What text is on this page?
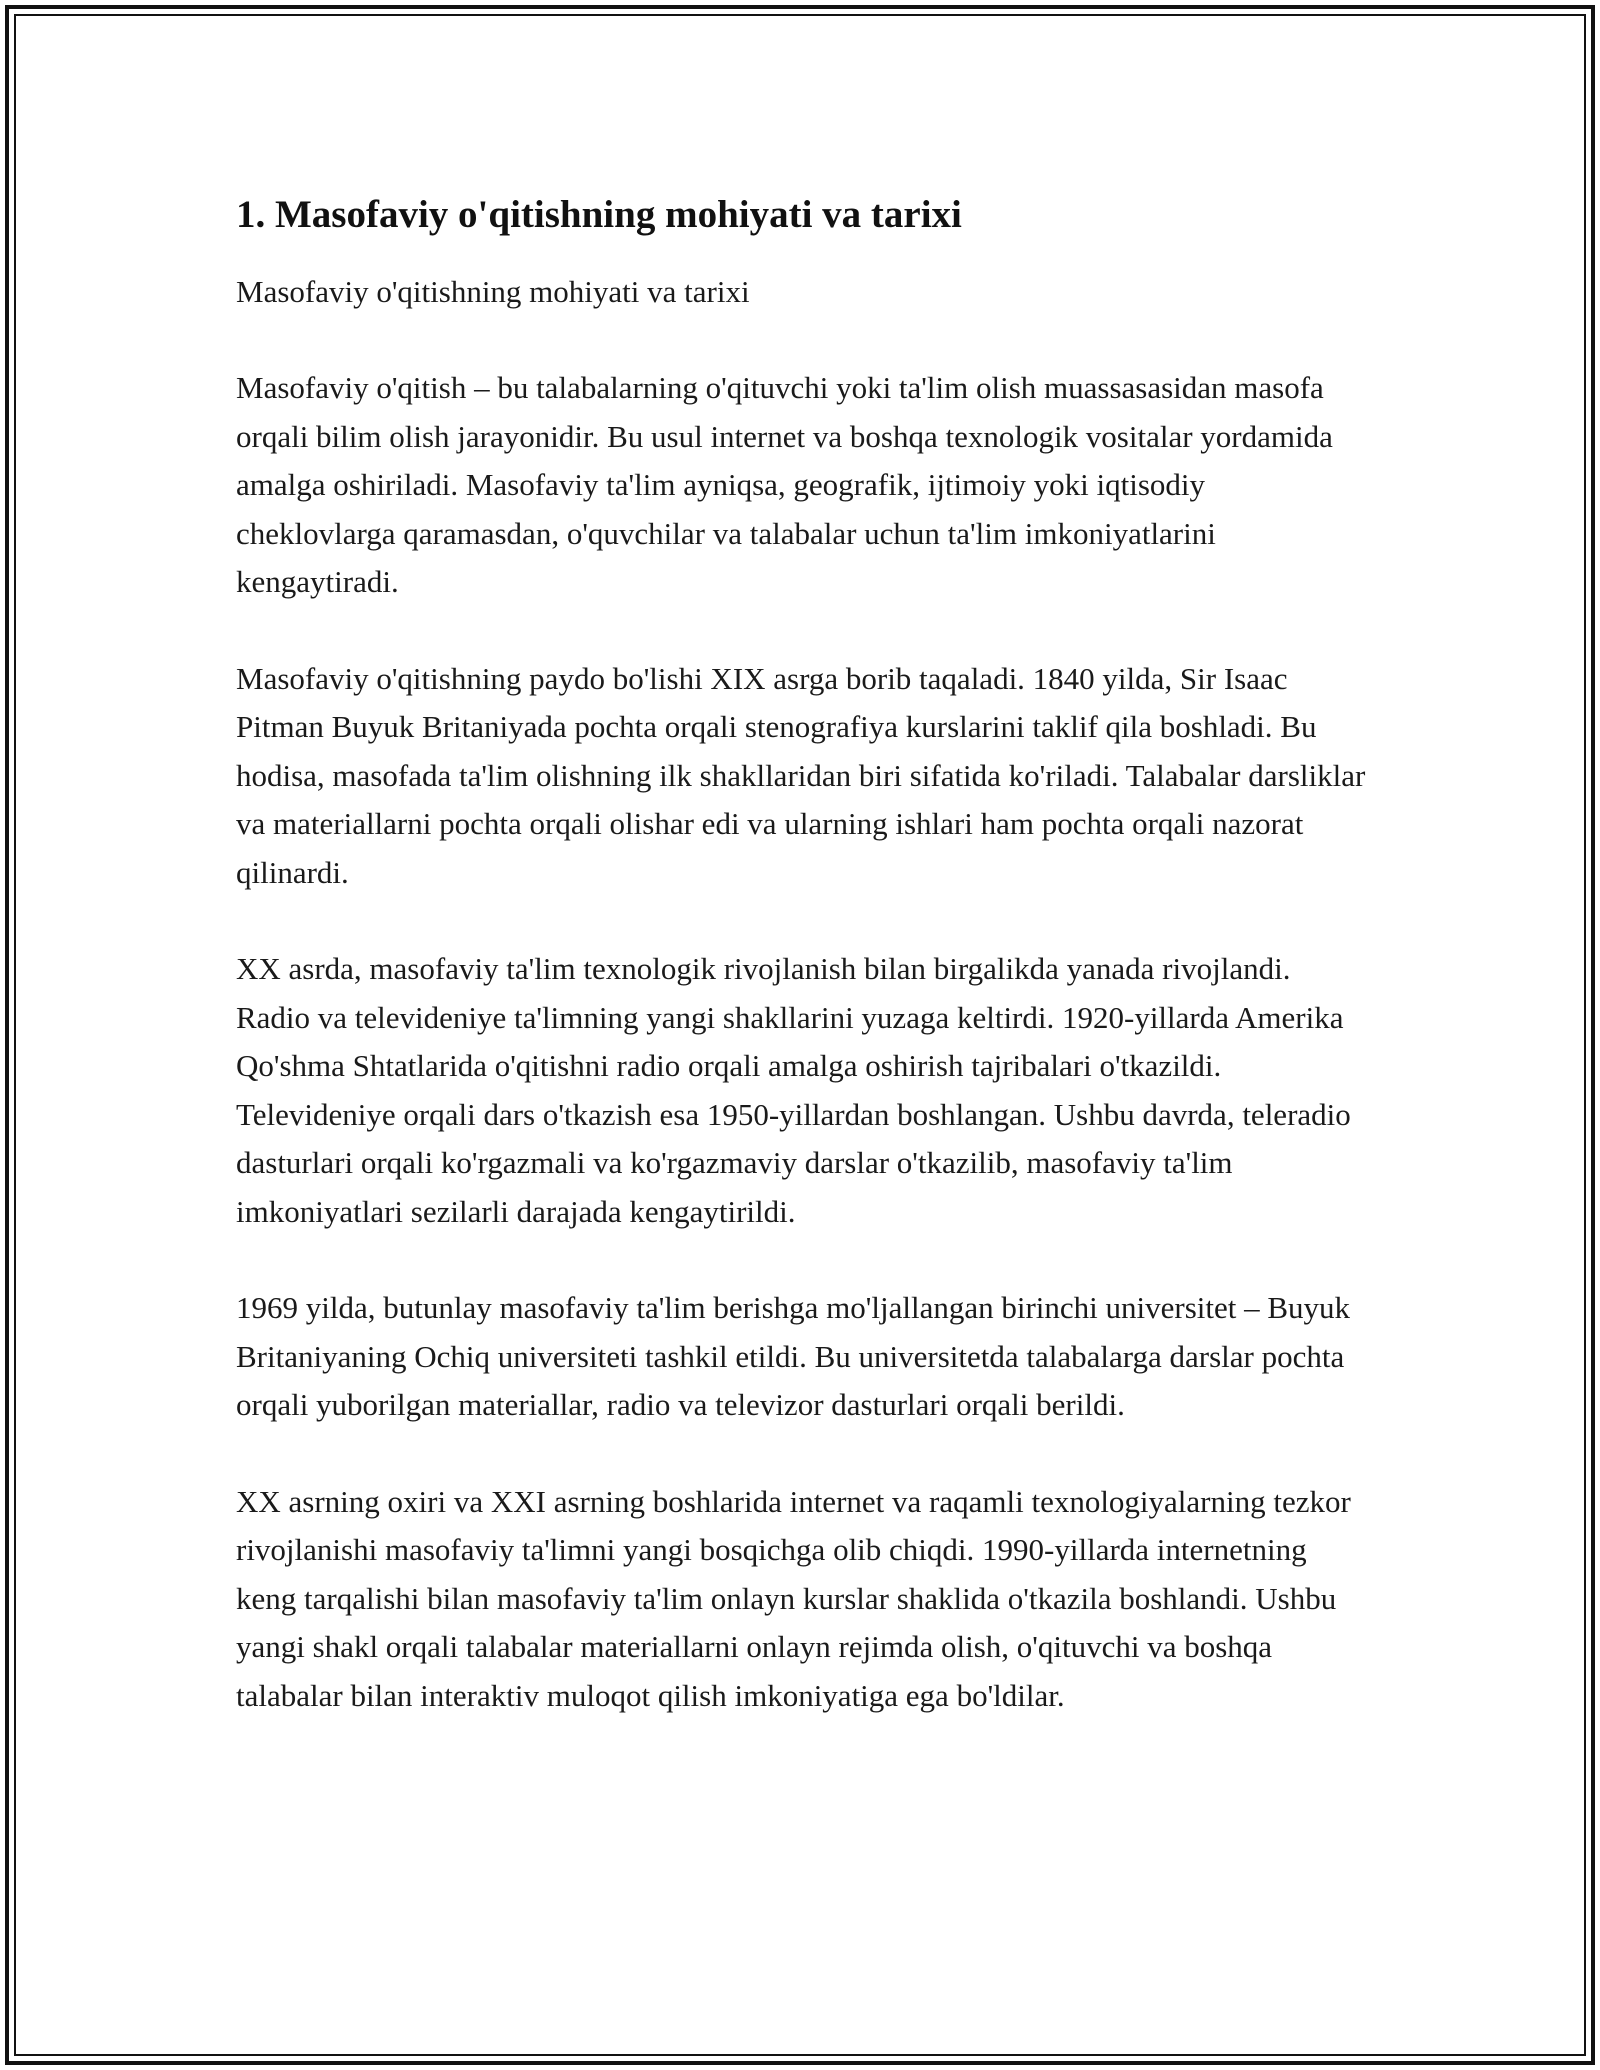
1. Masofaviy o'qitishning mohiyati va tarixi

Masofaviy o'qitishning mohiyati va tarixi

Masofaviy o'qitish – bu talabalarning o'qituvchi yoki ta'lim olish muassasasidan masofa orqali bilim olish jarayonidir. Bu usul internet va boshqa texnologik vositalar yordamida amalga oshiriladi. Masofaviy ta'lim ayniqsa, geografik, ijtimoiy yoki iqtisodiy cheklovlarga qaramasdan, o'quvchilar va talabalar uchun ta'lim imkoniyatlarini kengaytiradi.

Masofaviy o'qitishning paydo bo'lishi XIX asrga borib taqaladi. 1840 yilda, Sir Isaac Pitman Buyuk Britaniyada pochta orqali stenografiya kurslarini taklif qila boshladi. Bu hodisa, masofada ta'lim olishning ilk shakllaridan biri sifatida ko'riladi. Talabalar darsliklar va materiallarni pochta orqali olishar edi va ularning ishlari ham pochta orqali nazorat qilinardi.

XX asrda, masofaviy ta'lim texnologik rivojlanish bilan birgalikda yanada rivojlandi. Radio va televideniye ta'limning yangi shakllarini yuzaga keltirdi. 1920-yillarda Amerika Qo'shma Shtatlarida o'qitishni radio orqali amalga oshirish tajribalari o'tkazildi. Televideniye orqali dars o'tkazish esa 1950-yillardan boshlangan. Ushbu davrda, teleradio dasturlari orqali ko'rgazmali va ko'rgazmaviy darslar o'tkazilib, masofaviy ta'lim imkoniyatlari sezilarli darajada kengaytirildi.

1969 yilda, butunlay masofaviy ta'lim berishga mo'ljallangan birinchi universitet – Buyuk Britaniyaning Ochiq universiteti tashkil etildi. Bu universitetda talabalarga darslar pochta orqali yuborilgan materiallar, radio va televizor dasturlari orqali berildi.

XX asrning oxiri va XXI asrning boshlarida internet va raqamli texnologiyalarning tezkor rivojlanishi masofaviy ta'limni yangi bosqichga olib chiqdi. 1990-yillarda internetning keng tarqalishi bilan masofaviy ta'lim onlayn kurslar shaklida o'tkazila boshlandi. Ushbu yangi shakl orqali talabalar materiallarni onlayn rejimda olish, o'qituvchi va boshqa talabalar bilan interaktiv muloqot qilish imkoniyatiga ega bo'ldilar.
